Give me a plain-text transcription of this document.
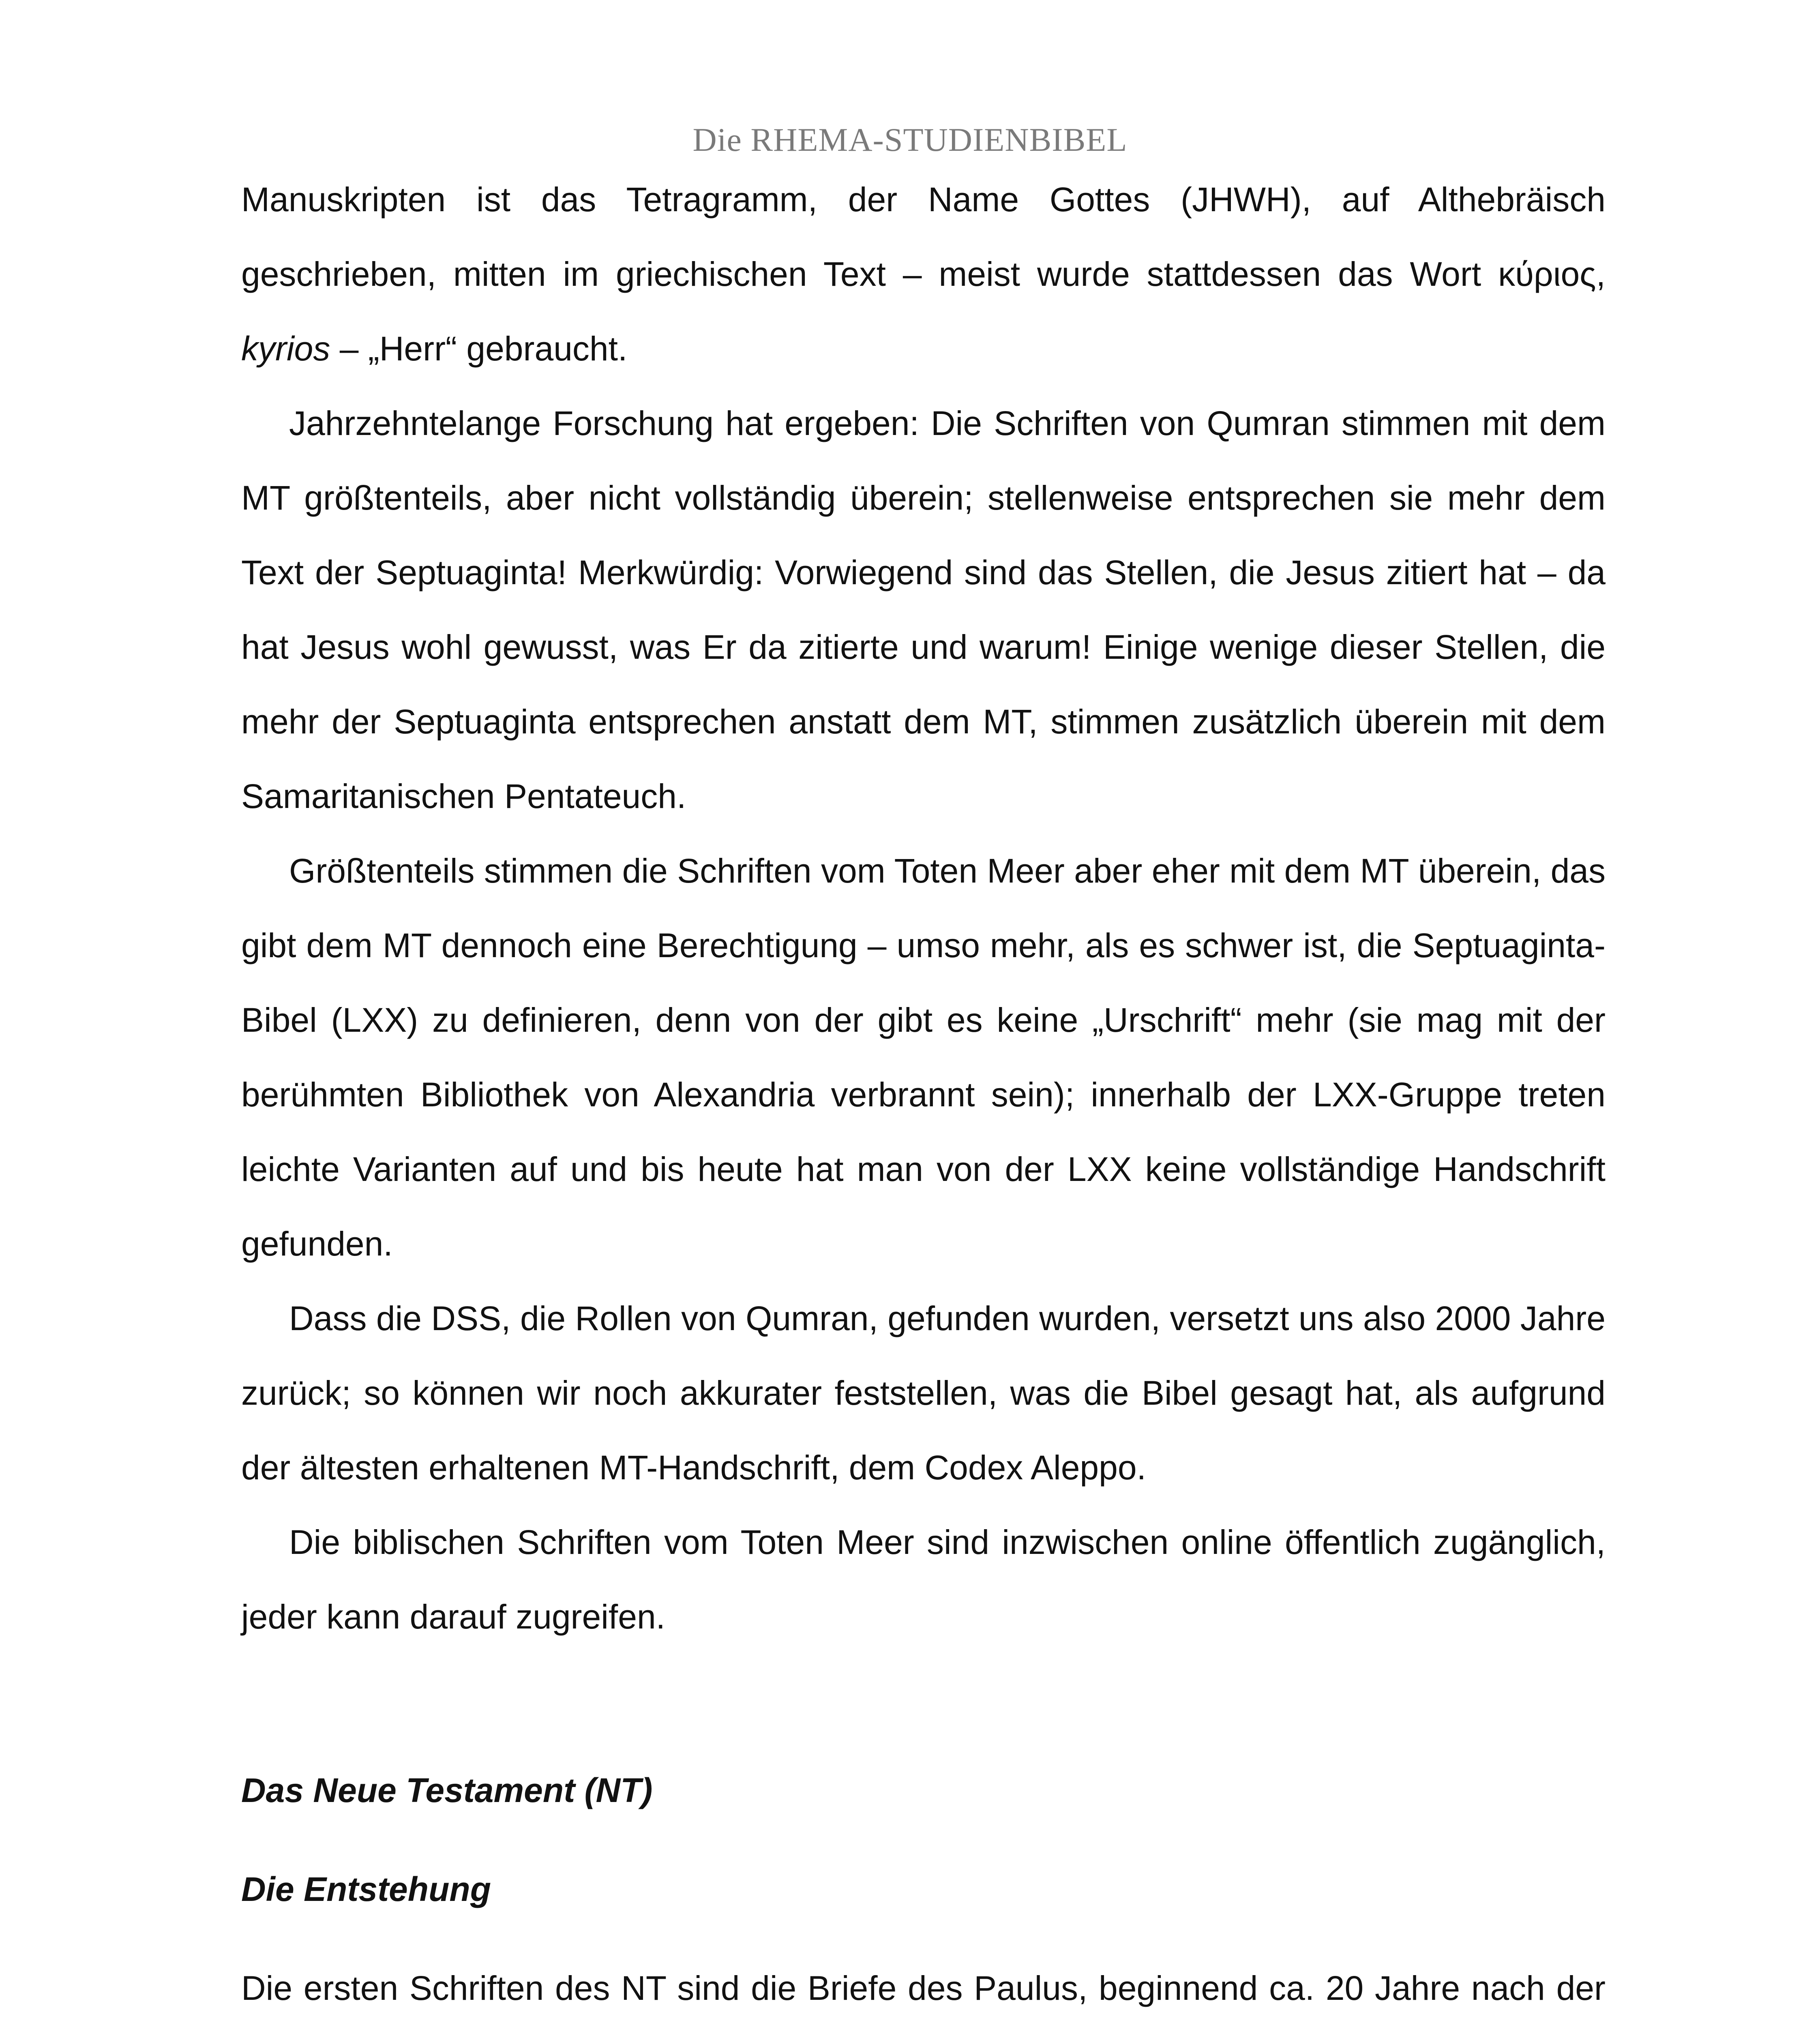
Die RHEMA-STUDIENBIBEL

Manuskripten ist das Tetragramm, der Name Gottes (JHWH), auf Althebräisch geschrieben, mitten im griechischen Text – meist wurde stattdessen das Wort κύριος, kyrios – „Herr“ gebraucht.

Jahrzehntelange Forschung hat ergeben: Die Schriften von Qumran stimmen mit dem MT größtenteils, aber nicht vollständig überein; stellenweise entsprechen sie mehr dem Text der Septuaginta! Merkwürdig: Vorwiegend sind das Stellen, die Jesus zitiert hat – da hat Jesus wohl gewusst, was Er da zitierte und warum! Einige wenige dieser Stellen, die mehr der Septuaginta entsprechen anstatt dem MT, stimmen zusätzlich überein mit dem Samaritanischen Pentateuch.

Größtenteils stimmen die Schriften vom Toten Meer aber eher mit dem MT überein, das gibt dem MT dennoch eine Berechtigung – umso mehr, als es schwer ist, die Septuaginta-Bibel (LXX) zu definieren, denn von der gibt es keine „Urschrift“ mehr (sie mag mit der berühmten Bibliothek von Alexandria verbrannt sein); innerhalb der LXX-Gruppe treten leichte Varianten auf und bis heute hat man von der LXX keine vollständige Handschrift gefunden.

Dass die DSS, die Rollen von Qumran, gefunden wurden, versetzt uns also 2000 Jahre zurück; so können wir noch akkurater feststellen, was die Bibel gesagt hat, als aufgrund der ältesten erhaltenen MT-Handschrift, dem Codex Aleppo.

Die biblischen Schriften vom Toten Meer sind inzwischen online öffentlich zugänglich, jeder kann darauf zugreifen.

Das Neue Testament (NT)

Die Entstehung

Die ersten Schriften des NT sind die Briefe des Paulus, beginnend ca. 20 Jahre nach der
